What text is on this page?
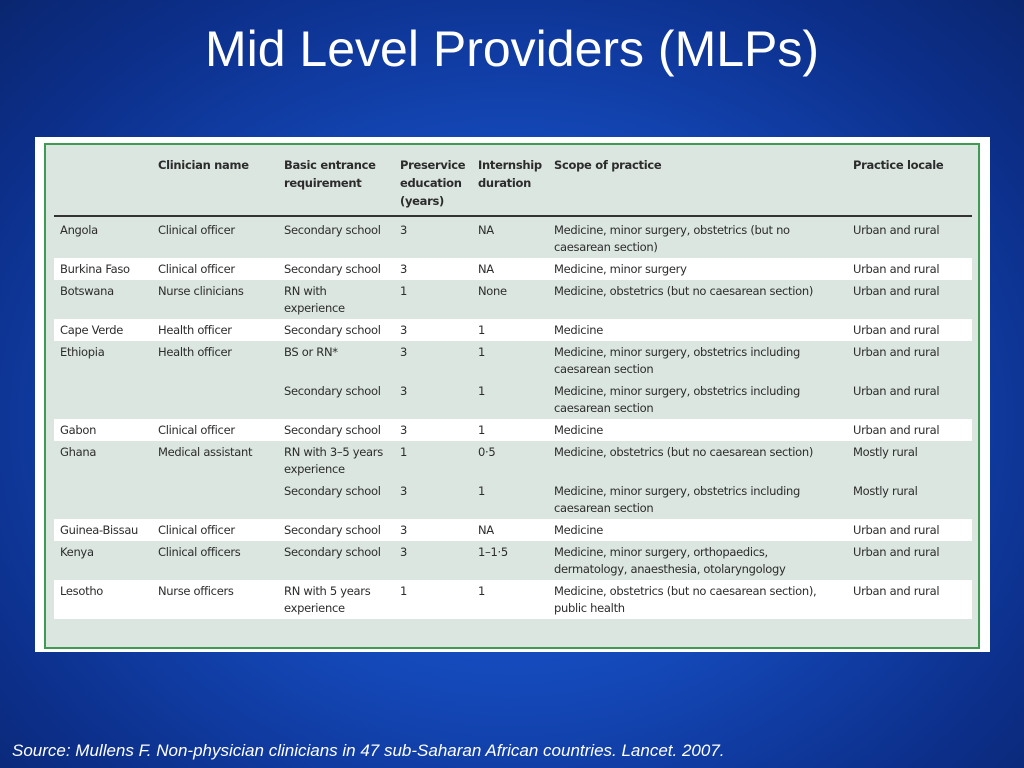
Mid Level Providers (MLPs)
	Clinician name	Basic entrance requirement	Preservice education (years)	Internship duration	Scope of practice	Practice locale
Angola	Clinical officer	Secondary school	3	NA	Medicine, minor surgery, obstetrics (but no caesarean section)	Urban and rural
Burkina Faso	Clinical officer	Secondary school	3	NA	Medicine, minor surgery	Urban and rural
Botswana	Nurse clinicians	RN with experience	1	None	Medicine, obstetrics (but no caesarean section)	Urban and rural
Cape Verde	Health officer	Secondary school	3	1	Medicine	Urban and rural
Ethiopia	Health officer	BS or RN*	3	1	Medicine, minor surgery, obstetrics including caesarean section	Urban and rural
		Secondary school	3	1	Medicine, minor surgery, obstetrics including caesarean section	Urban and rural
Gabon	Clinical officer	Secondary school	3	1	Medicine	Urban and rural
Ghana	Medical assistant	RN with 3–5 years experience	1	0·5	Medicine, obstetrics (but no caesarean section)	Mostly rural
		Secondary school	3	1	Medicine, minor surgery, obstetrics including caesarean section	Mostly rural
Guinea-Bissau	Clinical officer	Secondary school	3	NA	Medicine	Urban and rural
Kenya	Clinical officers	Secondary school	3	1–1·5	Medicine, minor surgery, orthopaedics, dermatology, anaesthesia, otolaryngology	Urban and rural
Lesotho	Nurse officers	RN with 5 years experience	1	1	Medicine, obstetrics (but no caesarean section), public health	Urban and rural
Source: Mullens F. Non-physician clinicians in 47 sub-Saharan African countries. Lancet. 2007.
